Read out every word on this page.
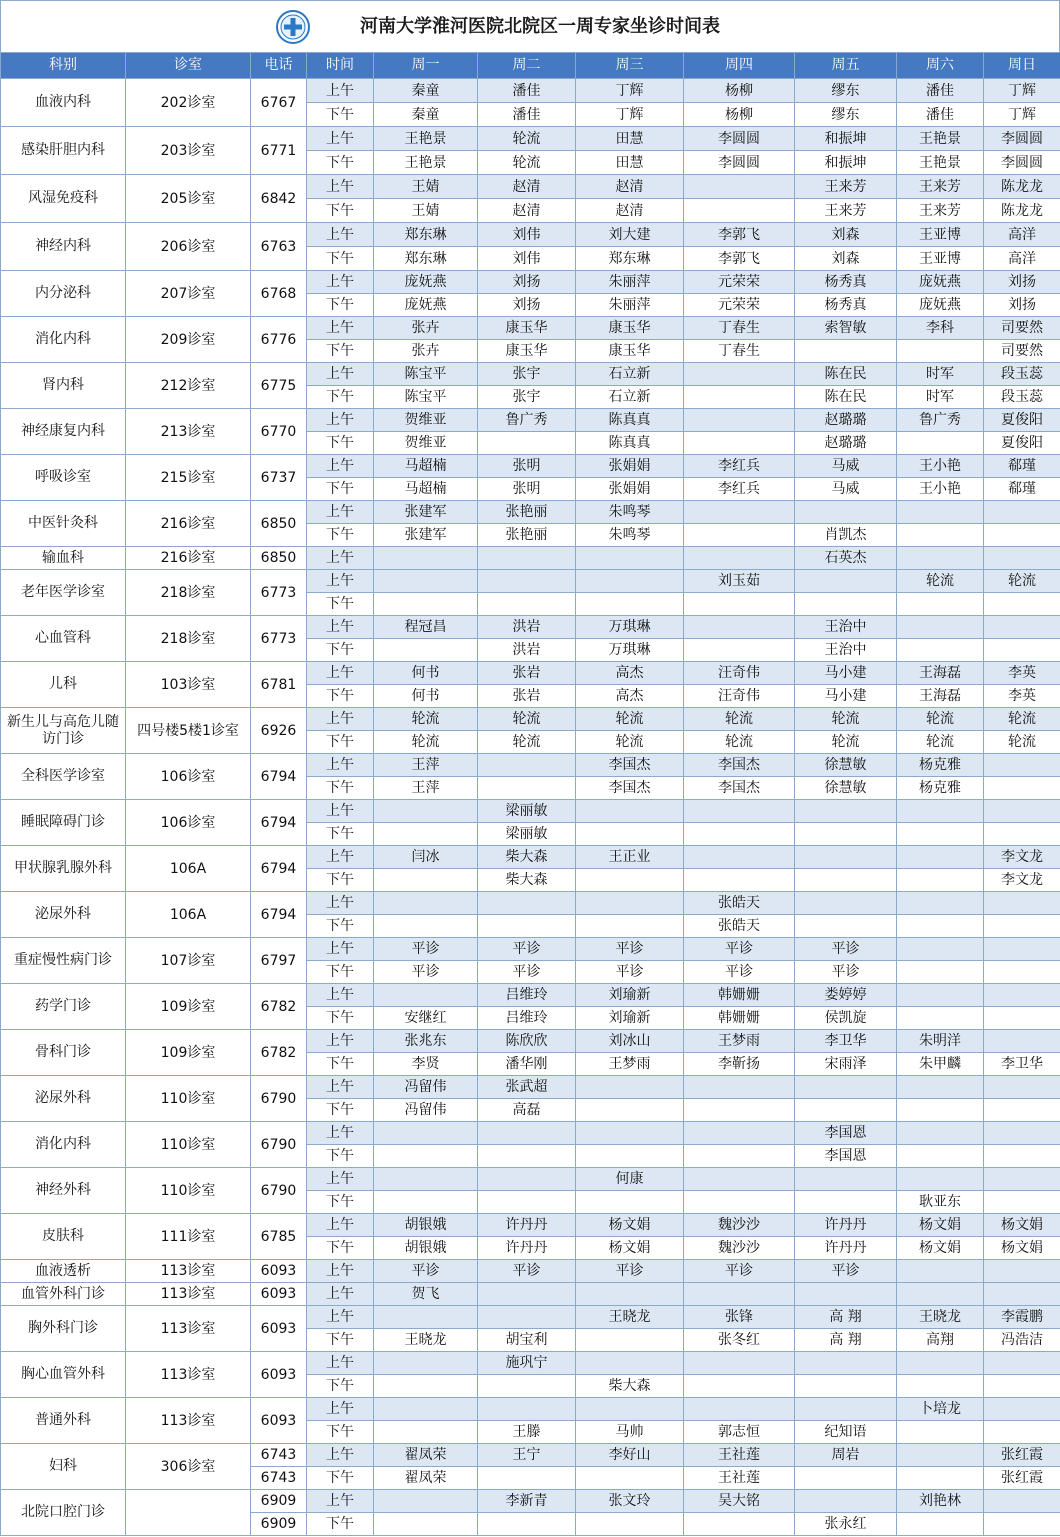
河南大学淮河医院北院区一周专家坐诊时间表
科别	诊室	电话	时间	周一	周二	周三	周四	周五	周六	周日
血液内科	202诊室	6767	上午	秦童	潘佳	丁辉	杨柳	缪东	潘佳	丁辉
			下午	秦童	潘佳	丁辉	杨柳	缪东	潘佳	丁辉
感染肝胆内科	203诊室	6771	上午	王艳景	轮流	田慧	李圆圆	和振坤	王艳景	李圆圆
			下午	王艳景	轮流	田慧	李圆圆	和振坤	王艳景	李圆圆
风湿免疫科	205诊室	6842	上午	王婧	赵清	赵清		王来芳	王来芳	陈龙龙
			下午	王婧	赵清	赵清		王来芳	王来芳	陈龙龙
神经内科	206诊室	6763	上午	郑东琳	刘伟	刘大建	李郭飞	刘森	王亚博	高洋
			下午	郑东琳	刘伟	郑东琳	李郭飞	刘森	王亚博	高洋
内分泌科	207诊室	6768	上午	庞妩燕	刘扬	朱丽萍	元荣荣	杨秀真	庞妩燕	刘扬
			下午	庞妩燕	刘扬	朱丽萍	元荣荣	杨秀真	庞妩燕	刘扬
消化内科	209诊室	6776	上午	张卉	康玉华	康玉华	丁春生	索智敏	李科	司要然
			下午	张卉	康玉华	康玉华	丁春生			司要然
肾内科	212诊室	6775	上午	陈宝平	张宇	石立新		陈在民	时军	段玉蕊
			下午	陈宝平	张宇	石立新		陈在民	时军	段玉蕊
神经康复内科	213诊室	6770	上午	贺维亚	鲁广秀	陈真真		赵璐璐	鲁广秀	夏俊阳
			下午	贺维亚		陈真真		赵璐璐		夏俊阳
呼吸诊室	215诊室	6737	上午	马超楠	张明	张娟娟	李红兵	马威	王小艳	郗瑾
			下午	马超楠	张明	张娟娟	李红兵	马威	王小艳	郗瑾
中医针灸科	216诊室	6850	上午	张建军	张艳丽	朱鸣琴				
			下午	张建军	张艳丽	朱鸣琴		肖凯杰		
输血科	216诊室	6850	上午					石英杰		
老年医学诊室	218诊室	6773	上午				刘玉茹		轮流	轮流
			下午							
心血管科	218诊室	6773	上午	程冠昌	洪岩	万琪琳		王治中		
			下午		洪岩	万琪琳		王治中		
儿科	103诊室	6781	上午	何书	张岩	高杰	汪奇伟	马小建	王海磊	李英
			下午	何书	张岩	高杰	汪奇伟	马小建	王海磊	李英
新生儿与高危儿随访门诊	四号楼5楼1诊室	6926	上午	轮流	轮流	轮流	轮流	轮流	轮流	轮流
			下午	轮流	轮流	轮流	轮流	轮流	轮流	轮流
全科医学诊室	106诊室	6794	上午	王萍		李国杰	李国杰	徐慧敏	杨克雅	
			下午	王萍		李国杰	李国杰	徐慧敏	杨克雅	
睡眠障碍门诊	106诊室	6794	上午		梁丽敏					
			下午		梁丽敏					
甲状腺乳腺外科	106A	6794	上午	闫冰	柴大森	王正业				李文龙
			下午		柴大森					李文龙
泌尿外科	106A	6794	上午				张皓天			
			下午				张皓天			
重症慢性病门诊	107诊室	6797	上午	平诊	平诊	平诊	平诊	平诊		
			下午	平诊	平诊	平诊	平诊	平诊		
药学门诊	109诊室	6782	上午		吕维玲	刘瑜新	韩姗姗	娄婷婷		
			下午	安继红	吕维玲	刘瑜新	韩姗姗	侯凯旋		
骨科门诊	109诊室	6782	上午	张兆东	陈欣欣	刘冰山	王梦雨	李卫华	朱明洋	
			下午	李贤	潘华刚	王梦雨	李靳扬	宋雨泽	朱甲麟	李卫华
泌尿外科	110诊室	6790	上午	冯留伟	张武超					
			下午	冯留伟	高磊					
消化内科	110诊室	6790	上午					李国恩		
			下午					李国恩		
神经外科	110诊室	6790	上午			何康				
			下午						耿亚东	
皮肤科	111诊室	6785	上午	胡银娥	许丹丹	杨文娟	魏沙沙	许丹丹	杨文娟	杨文娟
			下午	胡银娥	许丹丹	杨文娟	魏沙沙	许丹丹	杨文娟	杨文娟
血液透析	113诊室	6093	上午	平诊	平诊	平诊	平诊	平诊		
血管外科门诊	113诊室	6093	上午	贺飞						
胸外科门诊	113诊室	6093	上午			王晓龙	张锋	高 翔	王晓龙	李霞鹏
			下午	王晓龙	胡宝利		张冬红	高 翔	高翔	冯浩洁
胸心血管外科	113诊室	6093	上午		施巩宁					
			下午			柴大森				
普通外科	113诊室	6093	上午						卜培龙	
			下午		王滕	马帅	郭志恒	纪知语		
妇科	306诊室	6743	上午	翟凤荣	王宁	李好山	王社莲	周岩		张红霞
		6743	下午	翟凤荣			王社莲			张红霞
北院口腔门诊		6909	上午		李新青	张文玲	吴大铭		刘艳林	
		6909	下午					张永红		
